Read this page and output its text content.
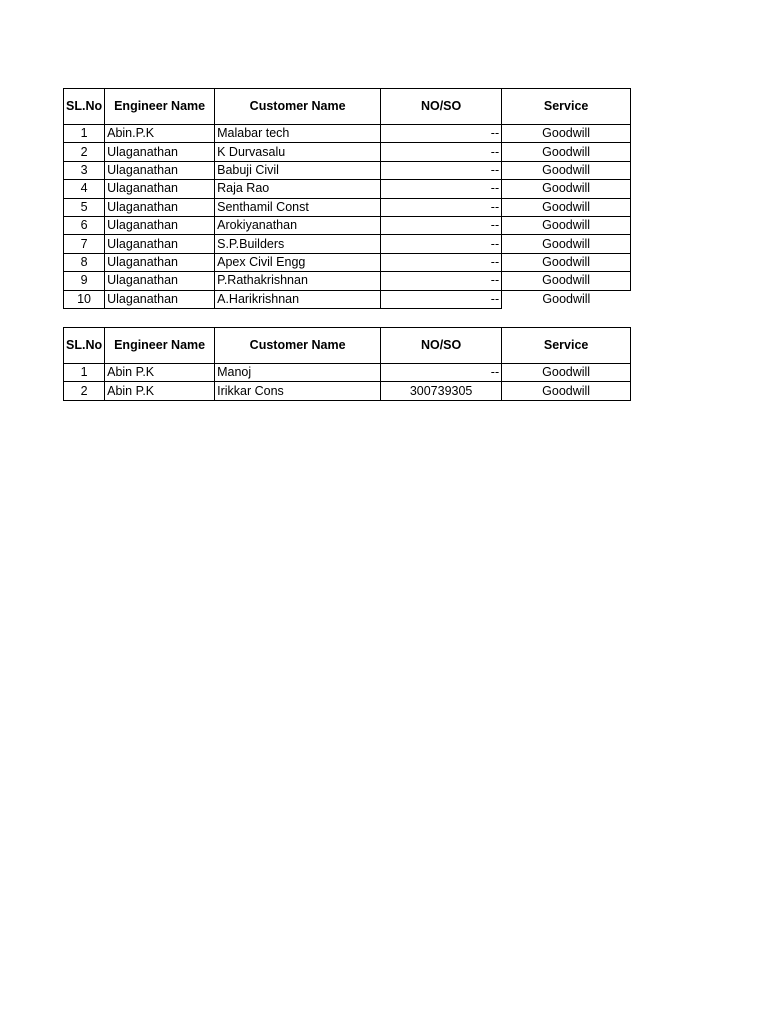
SL.No	Engineer Name	Customer Name	NO/SO	Service
1	Abin.P.K	Malabar tech	--	Goodwill
2	Ulaganathan	K Durvasalu	--	Goodwill
3	Ulaganathan	Babuji Civil	--	Goodwill
4	Ulaganathan	Raja Rao	--	Goodwill
5	Ulaganathan	Senthamil Const	--	Goodwill
6	Ulaganathan	Arokiyanathan	--	Goodwill
7	Ulaganathan	S.P.Builders	--	Goodwill
8	Ulaganathan	Apex Civil Engg	--	Goodwill
9	Ulaganathan	P.Rathakrishnan	--	Goodwill
10	Ulaganathan	A.Harikrishnan	--	Goodwill
SL.No	Engineer Name	Customer Name	NO/SO	Service
1	Abin P.K	Manoj	--	Goodwill
2	Abin P.K	Irikkar Cons	300739305	Goodwill
